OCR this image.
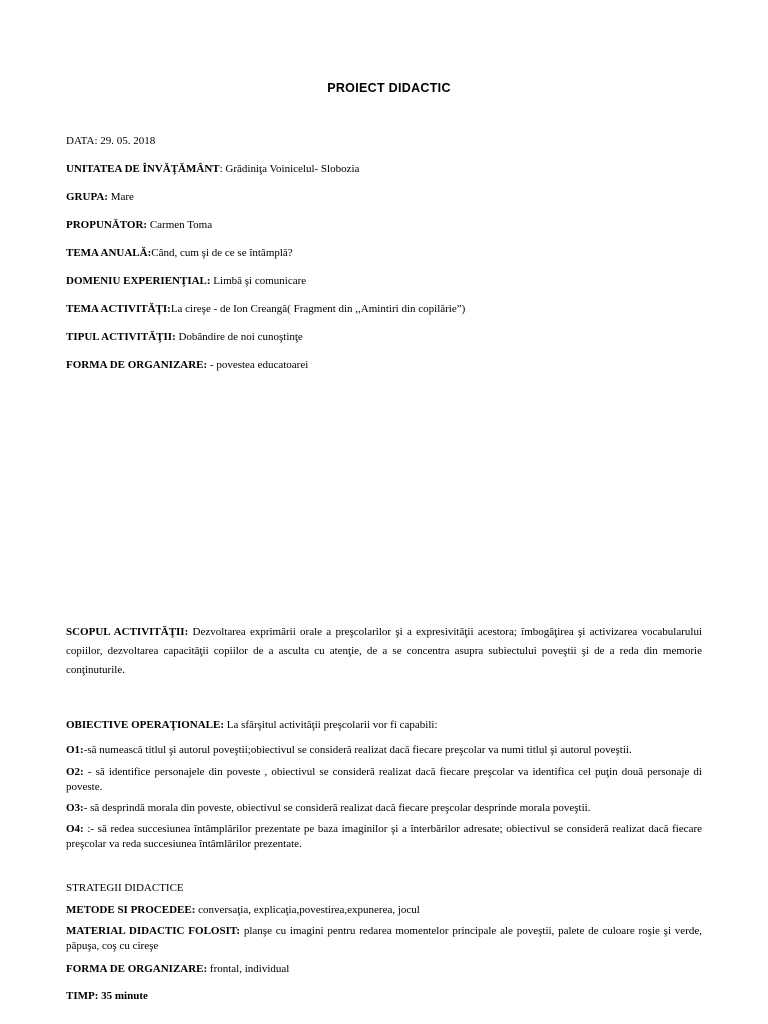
PROIECT DIDACTIC
DATA: 29. 05. 2018
UNITATEA DE ÎNVĂŢĂMÂNT: Grădiniţa Voinicelul- Slobozia
GRUPA: Mare
PROPUNĂTOR: Carmen Toma
TEMA ANUALĂ:Când, cum şi de ce se întâmplă?
DOMENIU EXPERIENŢIAL: Limbă şi comunicare
TEMA ACTIVITĂŢI:La cireşe - de Ion Creangă( Fragment din ,,Amintiri din copilărie”)
TIPUL ACTIVITĂŢII: Dobândire de noi cunoştinţe
FORMA DE ORGANIZARE: - povestea educatoarei
SCOPUL ACTIVITĂŢII: Dezvoltarea exprimării orale a preşcolarilor şi a expresivităţii acestora; îmbogăţirea şi activizarea vocabularului copiilor, dezvoltarea capacităţii copiilor de a asculta cu atenţie, de a se concentra asupra subiectului poveştii şi de a reda din memorie conţinuturile.
OBIECTIVE OPERAŢIONALE: La sfârşitul activităţii preşcolarii vor fi capabili:
O1:-să numească titlul şi autorul poveştii;obiectivul se consideră realizat dacă fiecare preşcolar va numi titlul şi autorul poveştii.
O2: - să identifice personajele din poveste , obiectivul se consideră realizat dacă fiecare preşcolar va identifica cel puţin două personaje di poveste.
O3:- să desprindă morala din poveste, obiectivul se consideră realizat dacă fiecare preşcolar desprinde morala poveştii.
O4: :- să redea succesiunea întâmplărilor prezentate pe baza imaginilor şi a înterbărilor adresate; obiectivul se consideră realizat dacă fiecare preşcolar va reda succesiunea întâmlărilor prezentate.
STRATEGII DIDACTICE
METODE SI PROCEDEE: conversaţia, explicaţia,povestirea,expunerea, jocul
MATERIAL DIDACTIC FOLOSIT: planşe cu imagini pentru redarea momentelor principale ale poveştii, palete de culoare roşie şi verde, păpuşa, coş cu cireşe
FORMA DE ORGANIZARE: frontal, individual
TIMP: 35 minute
